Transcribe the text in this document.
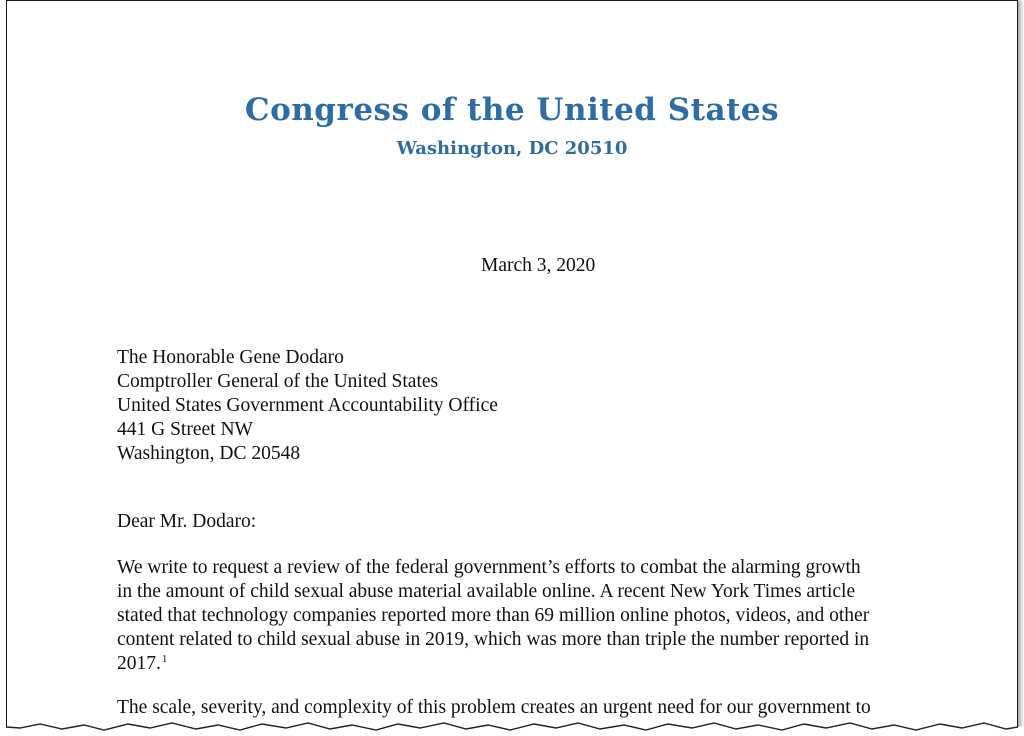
Congress of the United States
Washington, DC 20510

March 3, 2020

The Honorable Gene Dodaro
Comptroller General of the United States
United States Government Accountability Office
441 G Street NW
Washington, DC 20548

Dear Mr. Dodaro:

We write to request a review of the federal government’s efforts to combat the alarming growth
in the amount of child sexual abuse material available online. A recent New York Times article
stated that technology companies reported more than 69 million online photos, videos, and other
content related to child sexual abuse in 2019, which was more than triple the number reported in
2017.$^1$
The scale, severity, and complexity of this problem creates an urgent need for our government to
